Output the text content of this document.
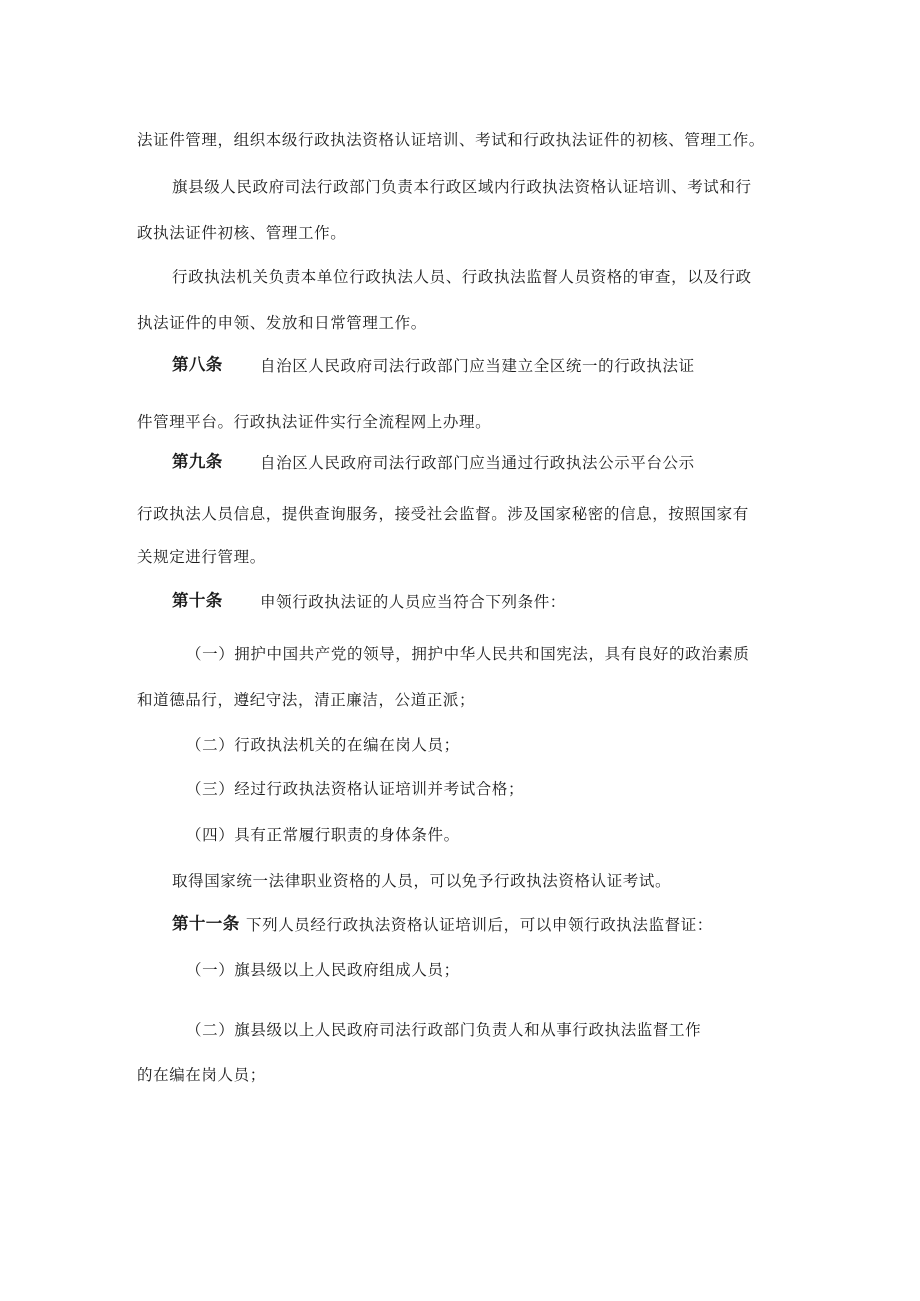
法证件管理，组织本级行政执法资格认证培训、考试和行政执法证件的初核、管理工作。
旗县级人民政府司法行政部门负责本行政区域内行政执法资格认证培训、考试和行
政执法证件初核、管理工作。
行政执法机关负责本单位行政执法人员、行政执法监督人员资格的审查，以及行政
执法证件的申领、发放和日常管理工作。
第八条 自治区人民政府司法行政部门应当建立全区统一的行政执法证
件管理平台。行政执法证件实行全流程网上办理。
第九条 自治区人民政府司法行政部门应当通过行政执法公示平台公示
行政执法人员信息，提供查询服务，接受社会监督。涉及国家秘密的信息，按照国家有
关规定进行管理。
第十条 申领行政执法证的人员应当符合下列条件：
（一）拥护中国共产党的领导，拥护中华人民共和国宪法，具有良好的政治素质
和道德品行，遵纪守法，清正廉洁，公道正派；
（二）行政执法机关的在编在岗人员；
（三）经过行政执法资格认证培训并考试合格；
（四）具有正常履行职责的身体条件。
取得国家统一法律职业资格的人员，可以免予行政执法资格认证考试。
第十一条 下列人员经行政执法资格认证培训后，可以申领行政执法监督证：
（一）旗县级以上人民政府组成人员；
（二）旗县级以上人民政府司法行政部门负责人和从事行政执法监督工作
的在编在岗人员；
